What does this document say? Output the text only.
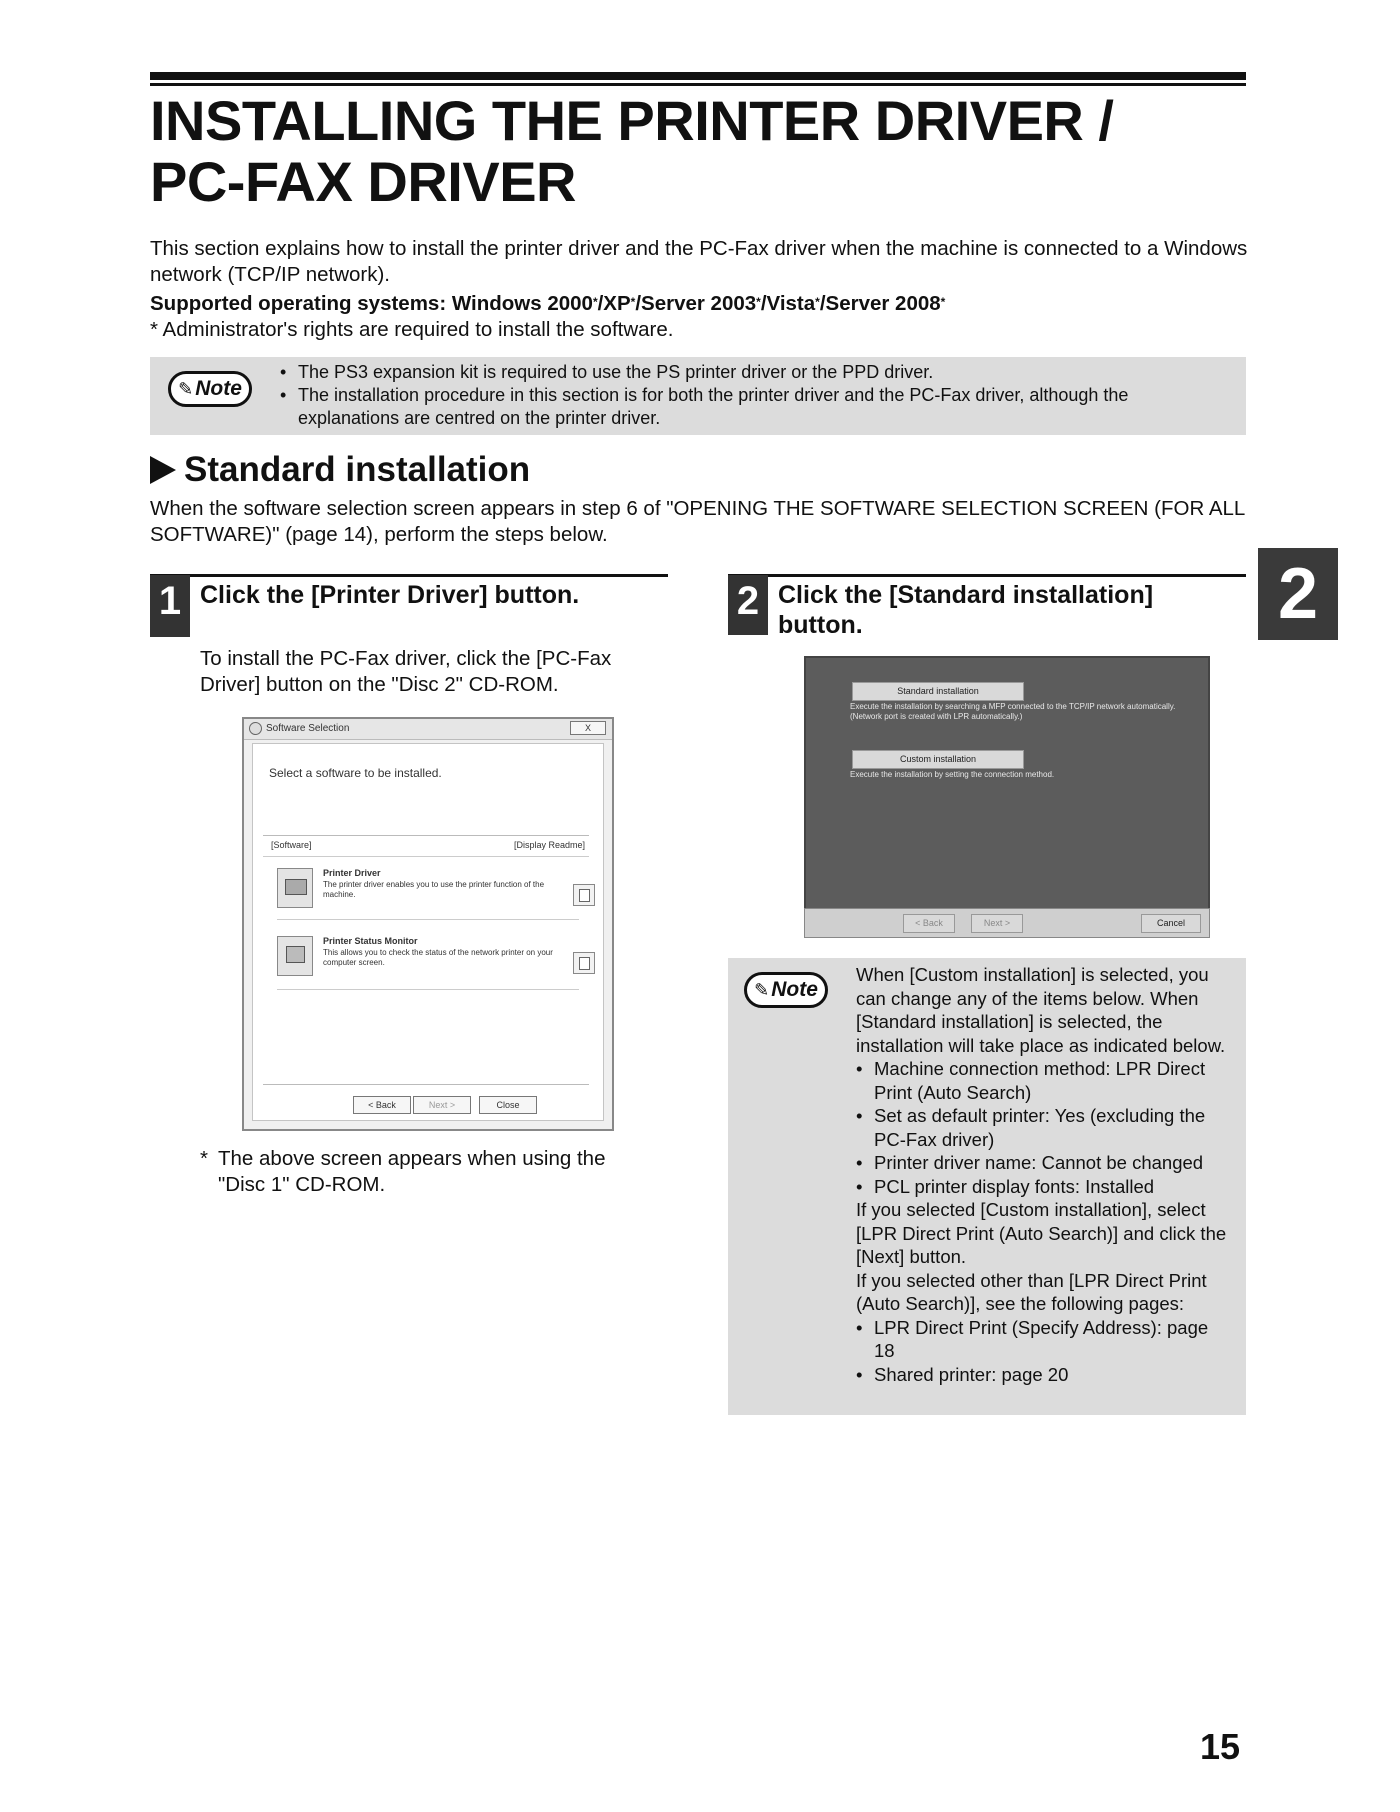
INSTALLING THE PRINTER DRIVER /
PC-FAX DRIVER

This section explains how to install the printer driver and the PC-Fax driver when the machine is connected to a Windows network (TCP/IP network).

Supported operating systems: Windows 2000*/XP*/Server 2003*/Vista*/Server 2008*

* Administrator's rights are required to install the software.

✎ Note
• The PS3 expansion kit is required to use the PS printer driver or the PPD driver.
• The installation procedure in this section is for both the printer driver and the PC-Fax driver, although the explanations are centred on the printer driver.
Standard installation
When the software selection screen appears in step 6 of "OPENING THE SOFTWARE SELECTION SCREEN (FOR ALL SOFTWARE)" (page 14), perform the steps below.
2
1 Click the [Printer Driver] button.
To install the PC-Fax driver, click the [PC-Fax Driver] button on the "Disc 2" CD-ROM.
Software Selection	X
Select a software to be installed.
[Software]	[Display Readme]
Printer Driver
The printer driver enables you to use the printer function of the machine.
Printer Status Monitor
This allows you to check the status of the network printer on your computer screen.
< Back	Next >	Close
* The above screen appears when using the "Disc 1" CD-ROM.
2 Click the [Standard installation]
button.
Standard installation
Execute the installation by searching a MFP connected to the TCP/IP network automatically.
(Network port is created with LPR automatically.)
Custom installation
Execute the installation by setting the connection method.
< Back	Next >	Cancel
✎ Note

When [Custom installation] is selected, you can change any of the items below. When [Standard installation] is selected, the installation will take place as indicated below.

• Machine connection method: LPR Direct Print (Auto Search)
• Set as default printer: Yes (excluding the PC-Fax driver)
• Printer driver name: Cannot be changed
• PCL printer display fonts: Installed

If you selected [Custom installation], select [LPR Direct Print (Auto Search)] and click the [Next] button.

If you selected other than [LPR Direct Print (Auto Search)], see the following pages:

• LPR Direct Print (Specify Address): page 18
• Shared printer: page 20
15
